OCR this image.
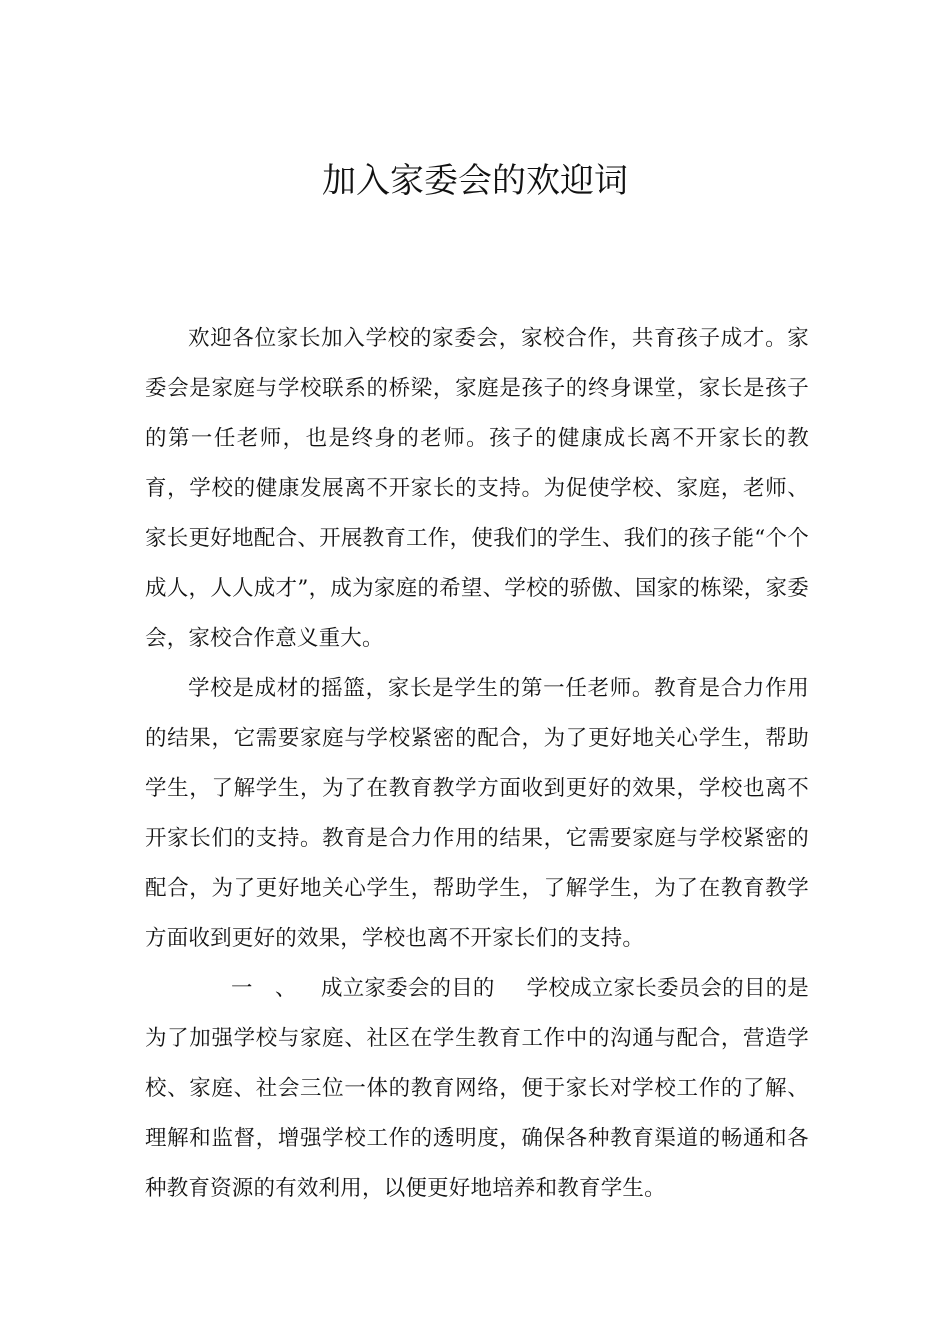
加入家委会的欢迎词

欢迎各位家长加入学校的家委会，家校合作，共育孩子成才。家委会是家庭与学校联系的桥梁，家庭是孩子的终身课堂，家长是孩子的第一任老师，也是终身的老师。孩子的健康成长离不开家长的教育，学校的健康发展离不开家长的支持。为促使学校、家庭，老师、家长更好地配合、开展教育工作，使我们的学生、我们的孩子能“个个成人，人人成才”，成为家庭的希望、学校的骄傲、国家的栋梁，家委会，家校合作意义重大。

学校是成材的摇篮，家长是学生的第一任老师。教育是合力作用的结果，它需要家庭与学校紧密的配合，为了更好地关心学生，帮助学生，了解学生，为了在教育教学方面收到更好的效果，学校也离不开家长们的支持。教育是合力作用的结果，它需要家庭与学校紧密的配合，为了更好地关心学生，帮助学生，了解学生，为了在教育教学方面收到更好的效果，学校也离不开家长们的支持。

一 、 成立家委会的目的 学校成立家长委员会的目的是为了加强学校与家庭、社区在学生教育工作中的沟通与配合，营造学校、家庭、社会三位一体的教育网络，便于家长对学校工作的了解、理解和监督，增强学校工作的透明度，确保各种教育渠道的畅通和各种教育资源的有效利用，以便更好地培养和教育学生。
